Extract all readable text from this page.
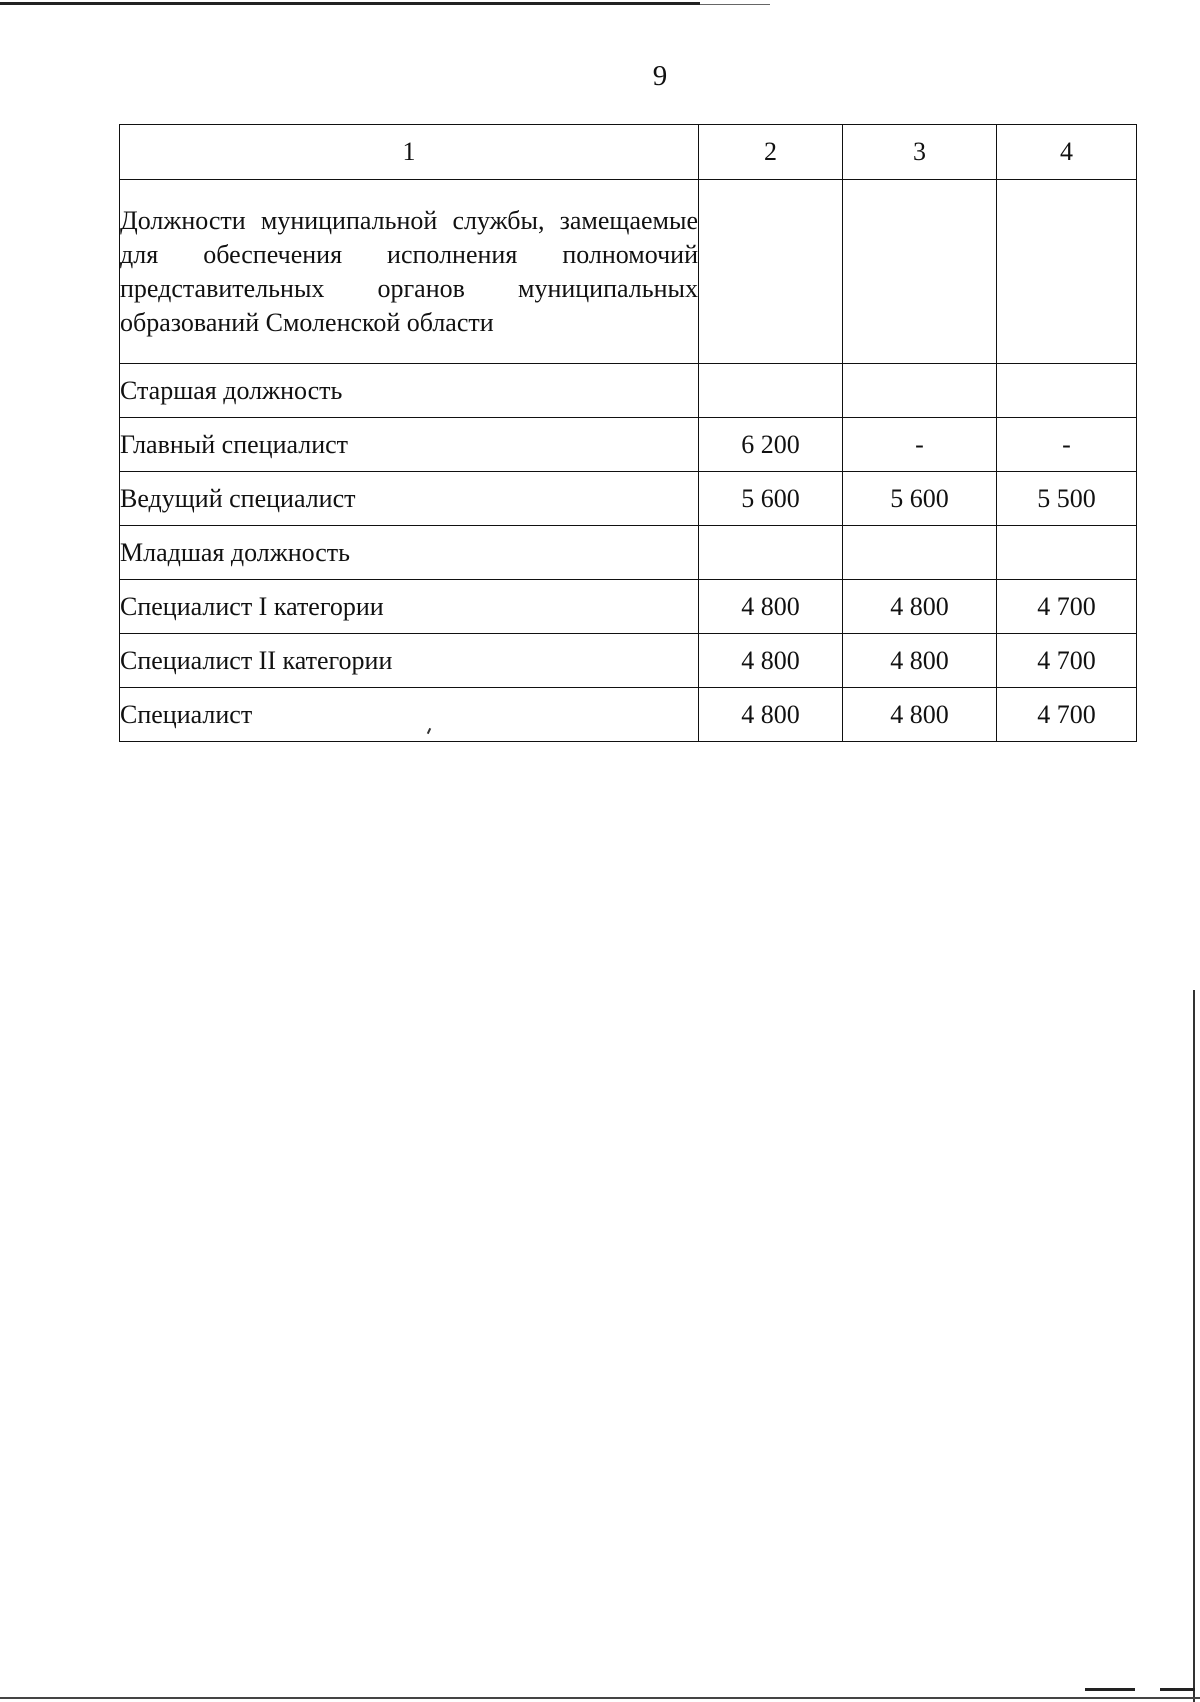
9
1	2	3	4
Должности муниципальной службы, замещаемые для обеспечения исполнения полномочий представительных органов муниципальных образований Смоленской области			
Старшая должность			
Главный специалист	6 200	-	-
Ведущий специалист	5 600	5 600	5 500
Младшая должность			
Специалист I категории	4 800	4 800	4 700
Специалист II категории	4 800	4 800	4 700
Специалист	4 800	4 800	4 700
